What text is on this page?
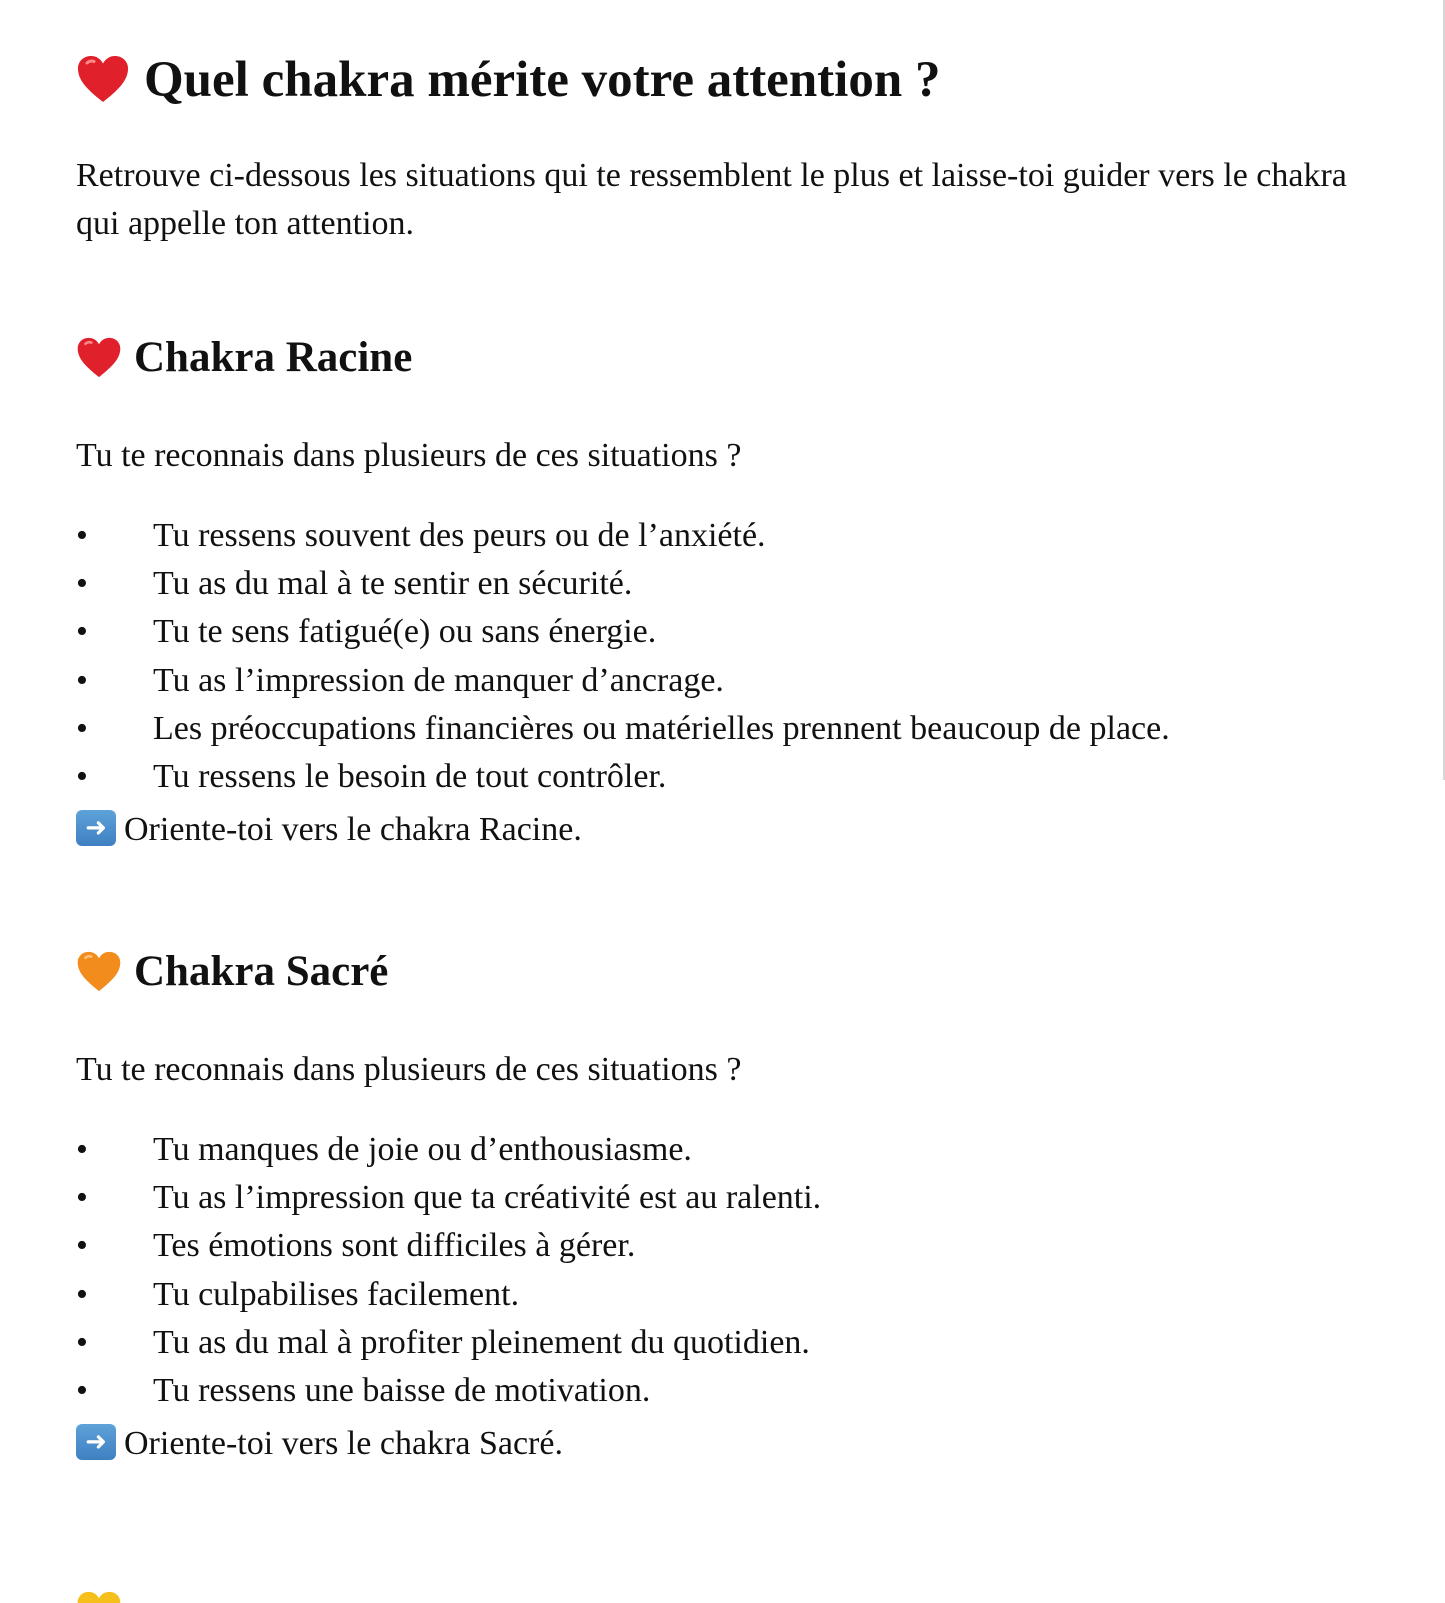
Quel chakra mérite votre attention ?

Retrouve ci-dessous les situations qui te ressemblent le plus et laisse-toi guider vers le chakra qui appelle ton attention.

Chakra Racine

Tu te reconnais dans plusieurs de ces situations ?

• Tu ressens souvent des peurs ou de l’anxiété.
• Tu as du mal à te sentir en sécurité.
• Tu te sens fatigué(e) ou sans énergie.
• Tu as l’impression de manquer d’ancrage.
• Les préoccupations financières ou matérielles prennent beaucoup de place.
• Tu ressens le besoin de tout contrôler.

➜ Oriente-toi vers le chakra Racine.

Chakra Sacré

Tu te reconnais dans plusieurs de ces situations ?

• Tu manques de joie ou d’enthousiasme.
• Tu as l’impression que ta créativité est au ralenti.
• Tes émotions sont difficiles à gérer.
• Tu culpabilises facilement.
• Tu as du mal à profiter pleinement du quotidien.
• Tu ressens une baisse de motivation.

➜ Oriente-toi vers le chakra Sacré.
